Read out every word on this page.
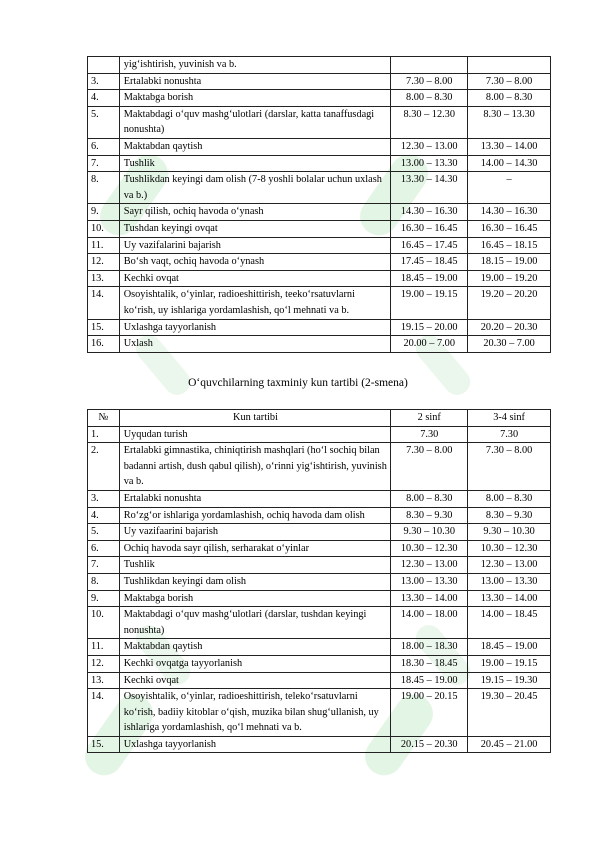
	yig‘ishtirish, yuvinish va b.		
3.	Ertalabki nonushta	7.30 – 8.00	7.30 – 8.00
4.	Maktabga borish	8.00 – 8.30	8.00 – 8.30
5.	Maktabdagi o‘quv mashg‘ulotlari (darslar, katta tanaffusdagi nonushta)	8.30 – 12.30	8.30 – 13.30
6.	Maktabdan qaytish	12.30 – 13.00	13.30 – 14.00
7.	Tushlik	13.00 – 13.30	14.00 – 14.30
8.	Tushlikdan keyingi dam olish (7-8 yoshli bolalar uchun uxlash va b.)	13.30 – 14.30	–
9.	Sayr qilish, ochiq havoda o‘ynash	14.30 – 16.30	14.30 – 16.30
10.	Tushdan keyingi ovqat	16.30 – 16.45	16.30 – 16.45
11.	Uy vazifalarini bajarish	16.45 – 17.45	16.45 – 18.15
12.	Bo‘sh vaqt, ochiq havoda o‘ynash	17.45 – 18.45	18.15 – 19.00
13.	Kechki ovqat	18.45 – 19.00	19.00 – 19.20
14.	Osoyishtalik, o‘yinlar, radioeshittirish, teeko‘rsatuvlarni ko‘rish, uy ishlariga yordamlashish, qo‘l mehnati va b.	19.00 – 19.15	19.20 – 20.20
15.	Uxlashga tayyorlanish	19.15 – 20.00	20.20 – 20.30
16.	Uxlash	20.00 – 7.00	20.30 – 7.00
O‘quvchilarning taxminiy kun tartibi (2-smena)
№	Kun tartibi	2 sinf	3-4 sinf
1.	Uyqudan turish	7.30	7.30
2.	Ertalabki gimnastika, chiniqtirish mashqlari (ho‘l sochiq bilan badanni artish, dush qabul qilish), o‘rinni yig‘ishtirish, yuvinish va b.	7.30 – 8.00	7.30 – 8.00
3.	Ertalabki nonushta	8.00 – 8.30	8.00 – 8.30
4.	Ro‘zg‘or ishlariga yordamlashish, ochiq havoda dam olish	8.30 – 9.30	8.30 – 9.30
5.	Uy vazifaarini bajarish	9.30 – 10.30	9.30 – 10.30
6.	Ochiq havoda sayr qilish, serharakat o‘yinlar	10.30 – 12.30	10.30 – 12.30
7.	Tushlik	12.30 – 13.00	12.30 – 13.00
8.	Tushlikdan keyingi dam olish	13.00 – 13.30	13.00 – 13.30
9.	Maktabga borish	13.30 – 14.00	13.30 – 14.00
10.	Maktabdagi o‘quv mashg‘ulotlari (darslar, tushdan keyingi nonushta)	14.00 – 18.00	14.00 – 18.45
11.	Maktabdan qaytish	18.00 – 18.30	18.45 – 19.00
12.	Kechki ovqatga tayyorlanish	18.30 – 18.45	19.00 – 19.15
13.	Kechki ovqat	18.45 – 19.00	19.15 – 19.30
14.	Osoyishtalik, o‘yinlar, radioeshittirish, teleko‘rsatuvlarni ko‘rish, badiiy kitoblar o‘qish, muzika bilan shug‘ullanish, uy ishlariga yordamlashish, qo‘l mehnati va b.	19.00 – 20.15	19.30 – 20.45
15.	Uxlashga tayyorlanish	20.15 – 20.30	20.45 – 21.00
